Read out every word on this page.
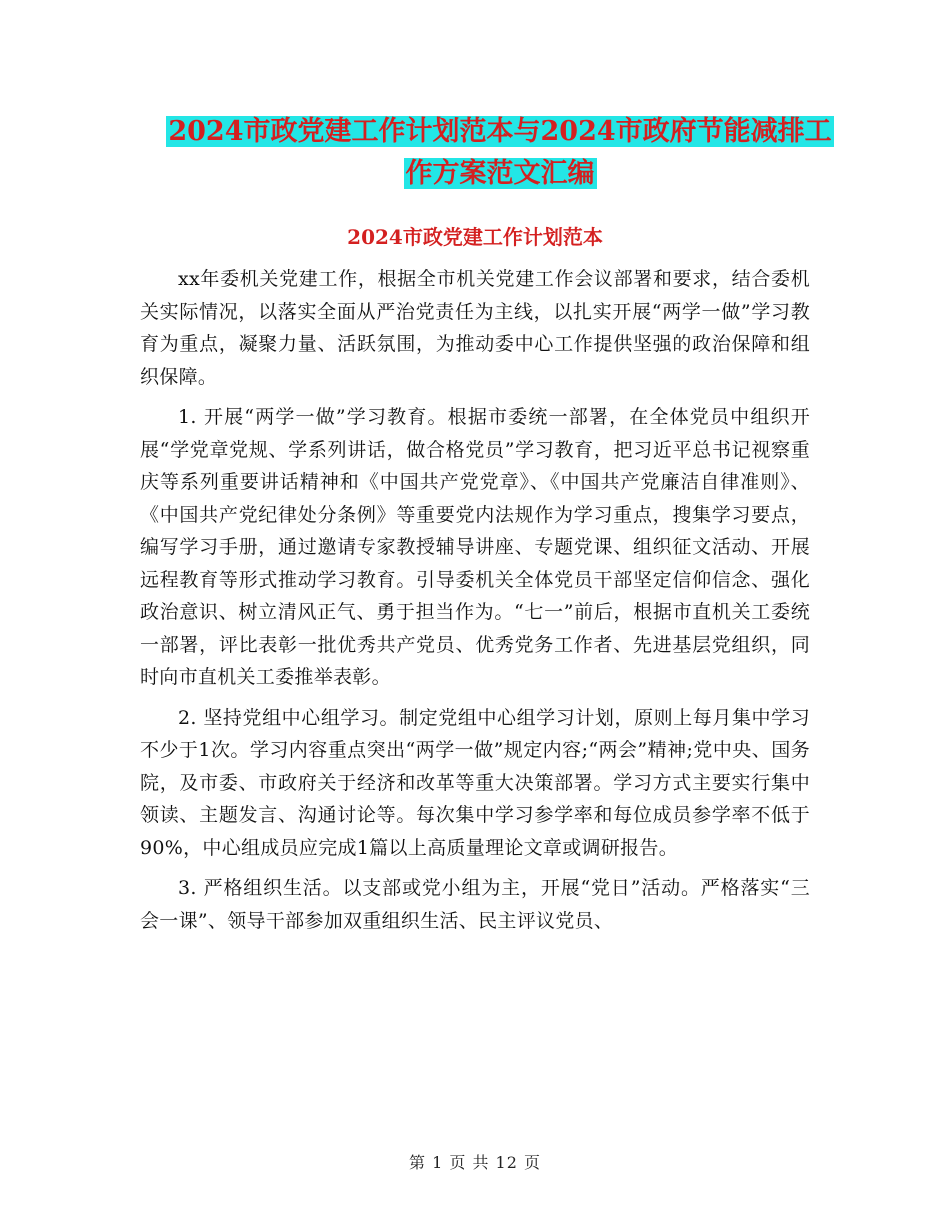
2024市政党建工作计划范本与2024市政府节能减排工
作方案范文汇编
2024市政党建工作计划范本

xx年委机关党建工作，根据全市机关党建工作会议部署和要求，结合委机关实际情况，以落实全面从严治党责任为主线，以扎实开展“两学一做”学习教育为重点，凝聚力量、活跃氛围，为推动委中心工作提供坚强的政治保障和组织保障。

1. 开展“两学一做”学习教育。根据市委统一部署，在全体党员中组织开展“学党章党规、学系列讲话，做合格党员”学习教育，把习近平总书记视察重庆等系列重要讲话精神和《中国共产党党章》、《中国共产党廉洁自律准则》、《中国共产党纪律处分条例》等重要党内法规作为学习重点，搜集学习要点，编写学习手册，通过邀请专家教授辅导讲座、专题党课、组织征文活动、开展远程教育等形式推动学习教育。引导委机关全体党员干部坚定信仰信念、强化政治意识、树立清风正气、勇于担当作为。“七一”前后，根据市直机关工委统一部署，评比表彰一批优秀共产党员、优秀党务工作者、先进基层党组织，同时向市直机关工委推举表彰。

2. 坚持党组中心组学习。制定党组中心组学习计划，原则上每月集中学习不少于1次。学习内容重点突出“两学一做”规定内容;“两会”精神;党中央、国务院，及市委、市政府关于经济和改革等重大决策部署。学习方式主要实行集中领读、主题发言、沟通讨论等。每次集中学习参学率和每位成员参学率不低于90%，中心组成员应完成1篇以上高质量理论文章或调研报告。

3. 严格组织生活。以支部或党小组为主，开展“党日”活动。严格落实“三会一课”、领导干部参加双重组织生活、民主评议党员、

第 1 页 共 12 页
